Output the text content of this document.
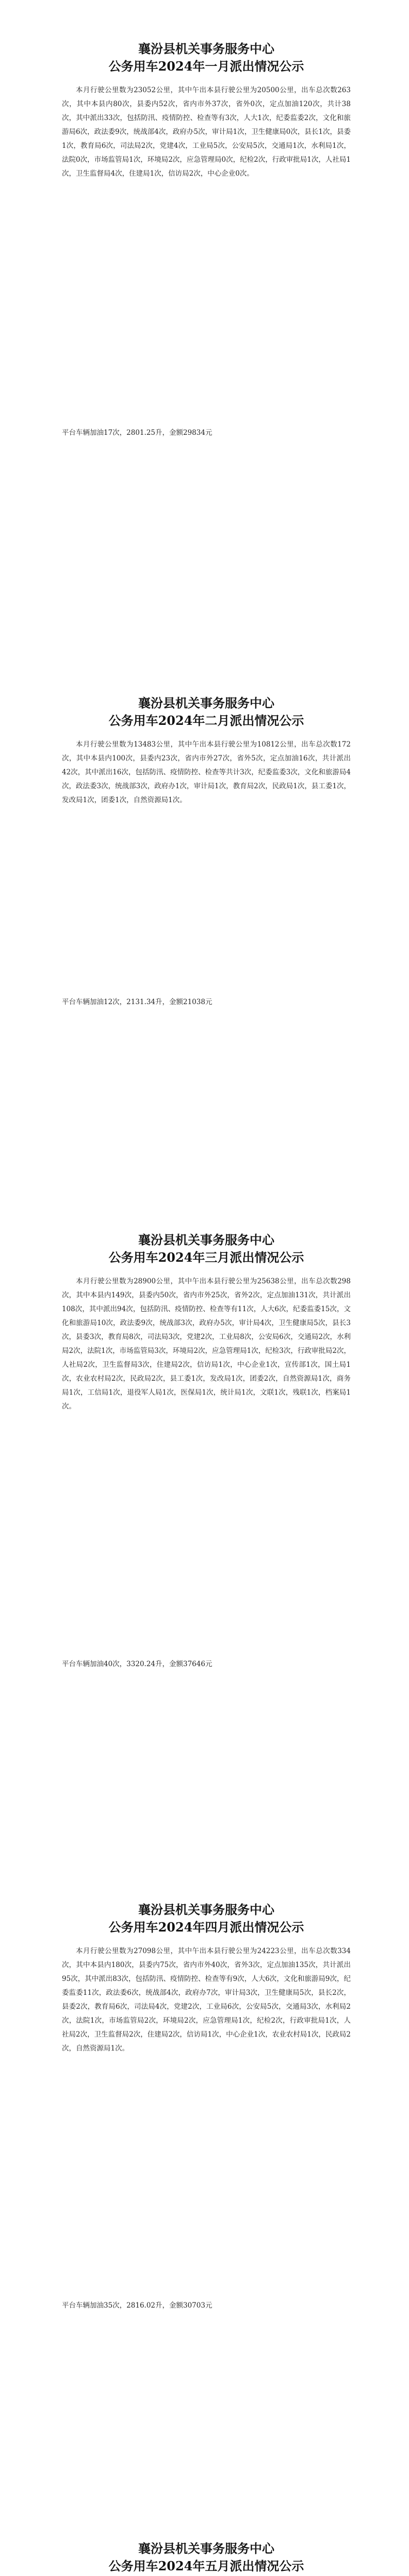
襄汾县机关事务服务中心

公务用车2024年一月派出情况公示

本月行驶公里数为23052公里，其中午出本县行驶公里为20500公里，出车总次数263次，其中本县内80次，县委内52次，省内市外37次，省外0次，定点加油120次，共计38次，其中派出33次，包括防汛、疫情防控、检查等有3次，人大1次，纪委监委2次，文化和旅游局6次，政法委9次，统战部4次，政府办5次，审计局1次，卫生健康局0次，县长1次，县委1次，教育局6次，司法局2次，党建4次，工业局5次，公安局5次，交通局1次，水利局1次，法院0次，市场监管局1次，环境局2次，应急管理局0次，纪检2次，行政审批局1次，人社局1次，卫生监督局4次，住建局1次，信访局2次，中心企业0次。

平台车辆加油17次，2801.25升，金额29834元

襄汾县机关事务服务中心

公务用车2024年二月派出情况公示

本月行驶公里数为13483公里，其中午出本县行驶公里为10812公里，出车总次数172次，其中本县内100次，县委内23次，省内市外27次，省外5次，定点加油16次，共计派出42次，其中派出16次，包括防汛、疫情防控、检查等共计3次，纪委监委3次，文化和旅游局4次，政法委3次，统战部3次，政府办1次，审计局1次，教育局2次，民政局1次，县工委1次，发改局1次，团委1次，自然资源局1次。

平台车辆加油12次，2131.34升，金额21038元

襄汾县机关事务服务中心

公务用车2024年三月派出情况公示

本月行驶公里数为28900公里，其中午出本县行驶公里为25638公里，出车总次数298次，其中本县内149次，县委内50次，省内市外25次，省外2次，定点加油131次，共计派出108次，其中派出94次，包括防汛、疫情防控、检查等有11次，人大6次，纪委监委15次，文化和旅游局10次，政法委9次，统战部3次，政府办5次，审计局4次，卫生健康局5次，县长3次，县委3次，教育局8次，司法局3次，党建2次，工业局8次，公安局6次，交通局2次，水利局2次，法院1次，市场监管局3次，环境局2次，应急管理局1次，纪检3次，行政审批局2次，人社局2次，卫生监督局3次，住建局2次，信访局1次，中心企业1次，宣传部1次，国土局1次，农业农村局2次，民政局2次，县工委1次，发改局1次，团委2次，自然资源局1次，商务局1次，工信局1次，退役军人局1次，医保局1次，统计局1次，文联1次，残联1次，档案局1次。

平台车辆加油40次，3320.24升，金额37646元

襄汾县机关事务服务中心

公务用车2024年四月派出情况公示

本月行驶公里数为27098公里，其中午出本县行驶公里为24223公里，出车总次数334次，其中本县内180次，县委内75次，省内市外40次，省外3次，定点加油135次，共计派出95次，其中派出83次，包括防汛、疫情防控、检查等有9次，人大6次，文化和旅游局9次，纪委监委11次，政法委6次，统战部4次，政府办7次，审计局3次，卫生健康局5次，县长2次，县委2次，教育局6次，司法局4次，党建2次，工业局6次，公安局5次，交通局3次，水利局2次，法院1次，市场监管局2次，环境局2次，应急管理局1次，纪检2次，行政审批局1次，人社局2次，卫生监督局2次，住建局2次，信访局1次，中心企业1次，农业农村局1次，民政局2次，自然资源局1次。

平台车辆加油35次，2816.02升，金额30703元

襄汾县机关事务服务中心

公务用车2024年五月派出情况公示
